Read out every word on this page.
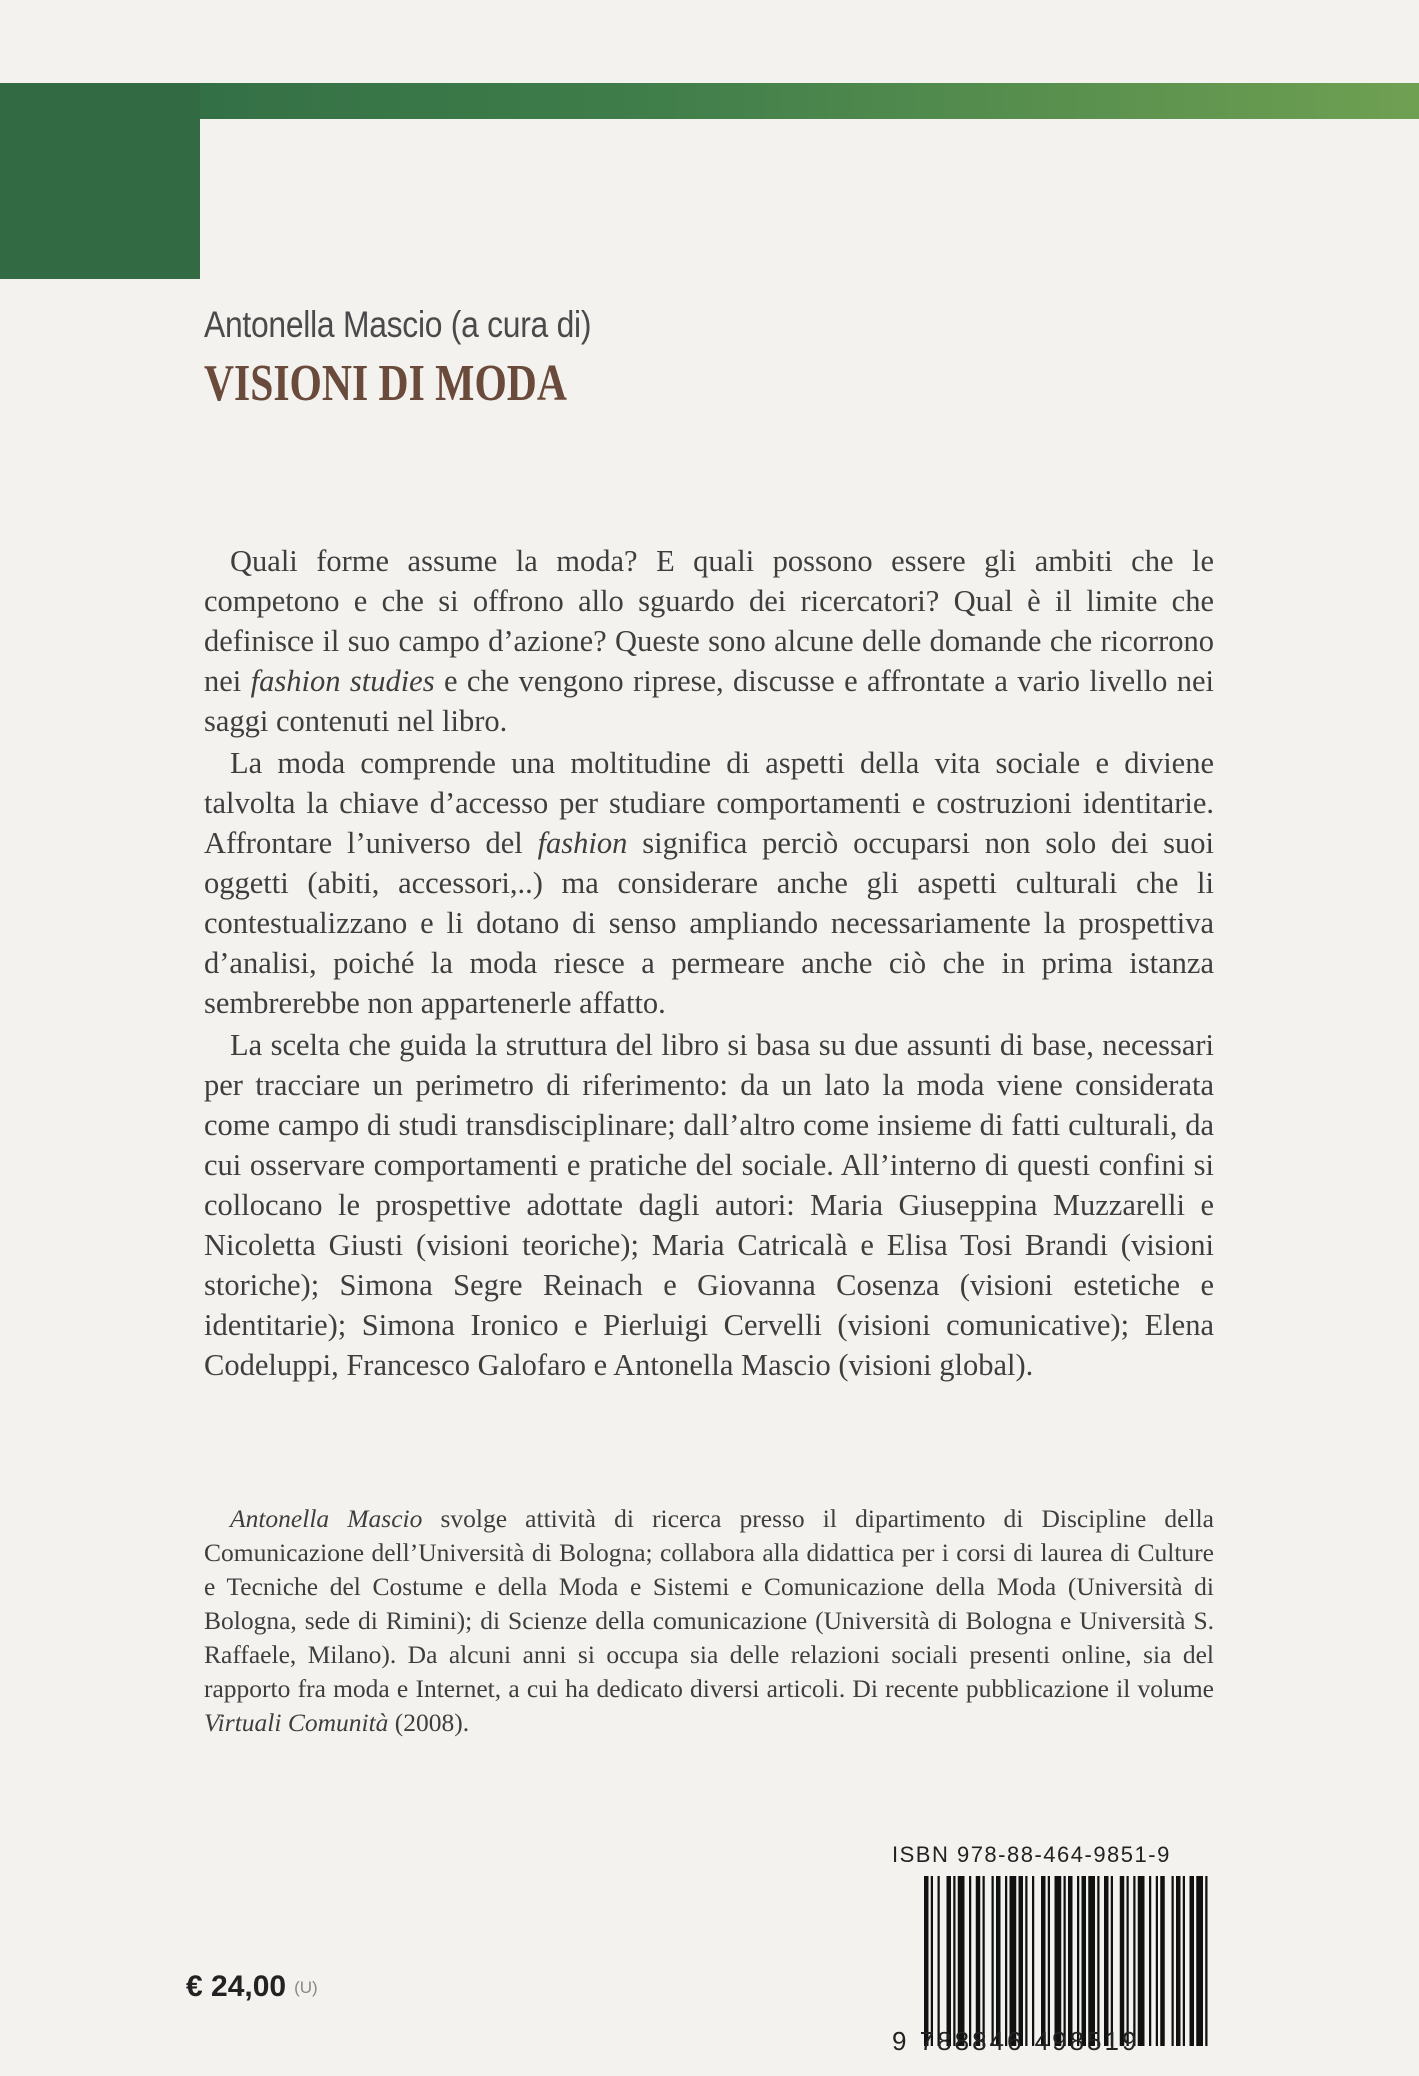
Antonella Mascio (a cura di)
VISIONI DI MODA

Quali forme assume la moda? E quali possono essere gli ambiti che le competono e che si offrono allo sguardo dei ricercatori? Qual è il limite che definisce il suo campo d’azione? Queste sono alcune delle domande che ricorrono nei fashion studies e che vengono riprese, discusse e affrontate a vario livello nei saggi contenuti nel libro.

La moda comprende una moltitudine di aspetti della vita sociale e diviene talvolta la chiave d’accesso per studiare comportamenti e costruzioni identitarie. Affrontare l’universo del fashion significa perciò occuparsi non solo dei suoi oggetti (abiti, accessori,..) ma considerare anche gli aspetti culturali che li contestualizzano e li dotano di senso ampliando necessariamente la prospettiva d’analisi, poiché la moda riesce a permeare anche ciò che in prima istanza sembrerebbe non appartenerle affatto.

La scelta che guida la struttura del libro si basa su due assunti di base, necessari per tracciare un perimetro di riferimento: da un lato la moda viene considerata come campo di studi transdisciplinare; dall’altro come insieme di fatti culturali, da cui osservare comportamenti e pratiche del sociale. All’interno di questi confini si collocano le prospettive adottate dagli autori: Maria Giuseppina Muzzarelli e Nicoletta Giusti (visioni teoriche); Maria Catricalà e Elisa Tosi Brandi (visioni storiche); Simona Segre Reinach e Giovanna Cosenza (visioni estetiche e identitarie); Simona Ironico e Pierluigi Cervelli (visioni comunicative); Elena Codeluppi, Francesco Galofaro e Antonella Mascio (visioni global).

Antonella Mascio svolge attività di ricerca presso il dipartimento di Discipline della Comunicazione dell’Università di Bologna; collabora alla didattica per i corsi di laurea di Culture e Tecniche del Costume e della Moda e Sistemi e Comunicazione della Moda (Università di Bologna, sede di Rimini); di Scienze della comunicazione (Università di Bologna e Università S. Raffaele, Milano). Da alcuni anni si occupa sia delle relazioni sociali presenti online, sia del rapporto fra moda e Internet, a cui ha dedicato diversi articoli. Di recente pubblicazione il volume Virtuali Comunità (2008).

ISBN 978-88-464-9851-9
9 788846 498519
€ 24,00 (U)
